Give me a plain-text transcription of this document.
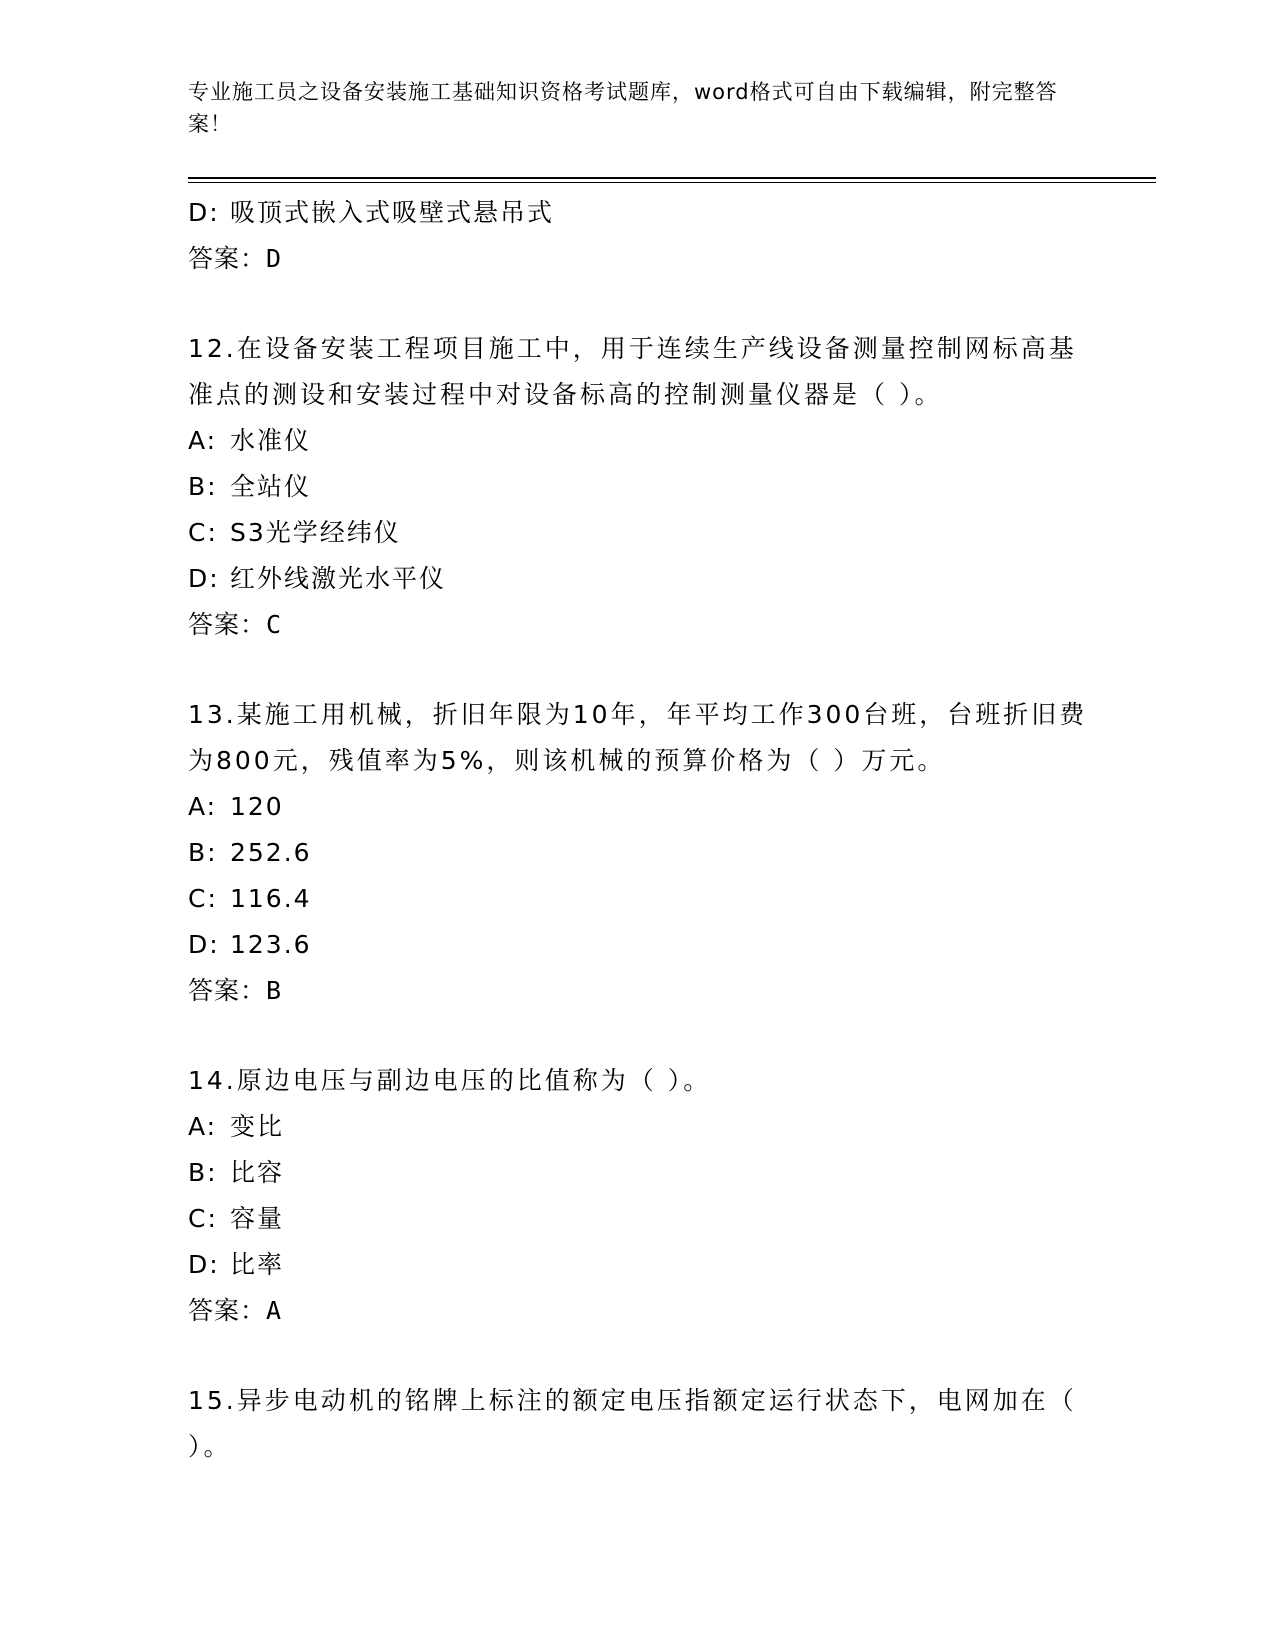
专业施工员之设备安装施工基础知识资格考试题库，word格式可自由下载编辑，附完整答案！
D: 吸顶式嵌入式吸壁式悬吊式
答案：D
12.在设备安装工程项目施工中，用于连续生产线设备测量控制网标高基准点的测设和安装过程中对设备标高的控制测量仪器是（ ）。
A: 水准仪
B: 全站仪
C: S3光学经纬仪
D: 红外线激光水平仪
答案：C
13.某施工用机械，折旧年限为10年，年平均工作300台班，台班折旧费为800元，残值率为5%，则该机械的预算价格为（ ）万元。
A: 120
B: 252.6
C: 116.4
D: 123.6
答案：B
14.原边电压与副边电压的比值称为（ ）。
A: 变比
B: 比容
C: 容量
D: 比率
答案：A
15.异步电动机的铭牌上标注的额定电压指额定运行状态下，电网加在（ ）。
